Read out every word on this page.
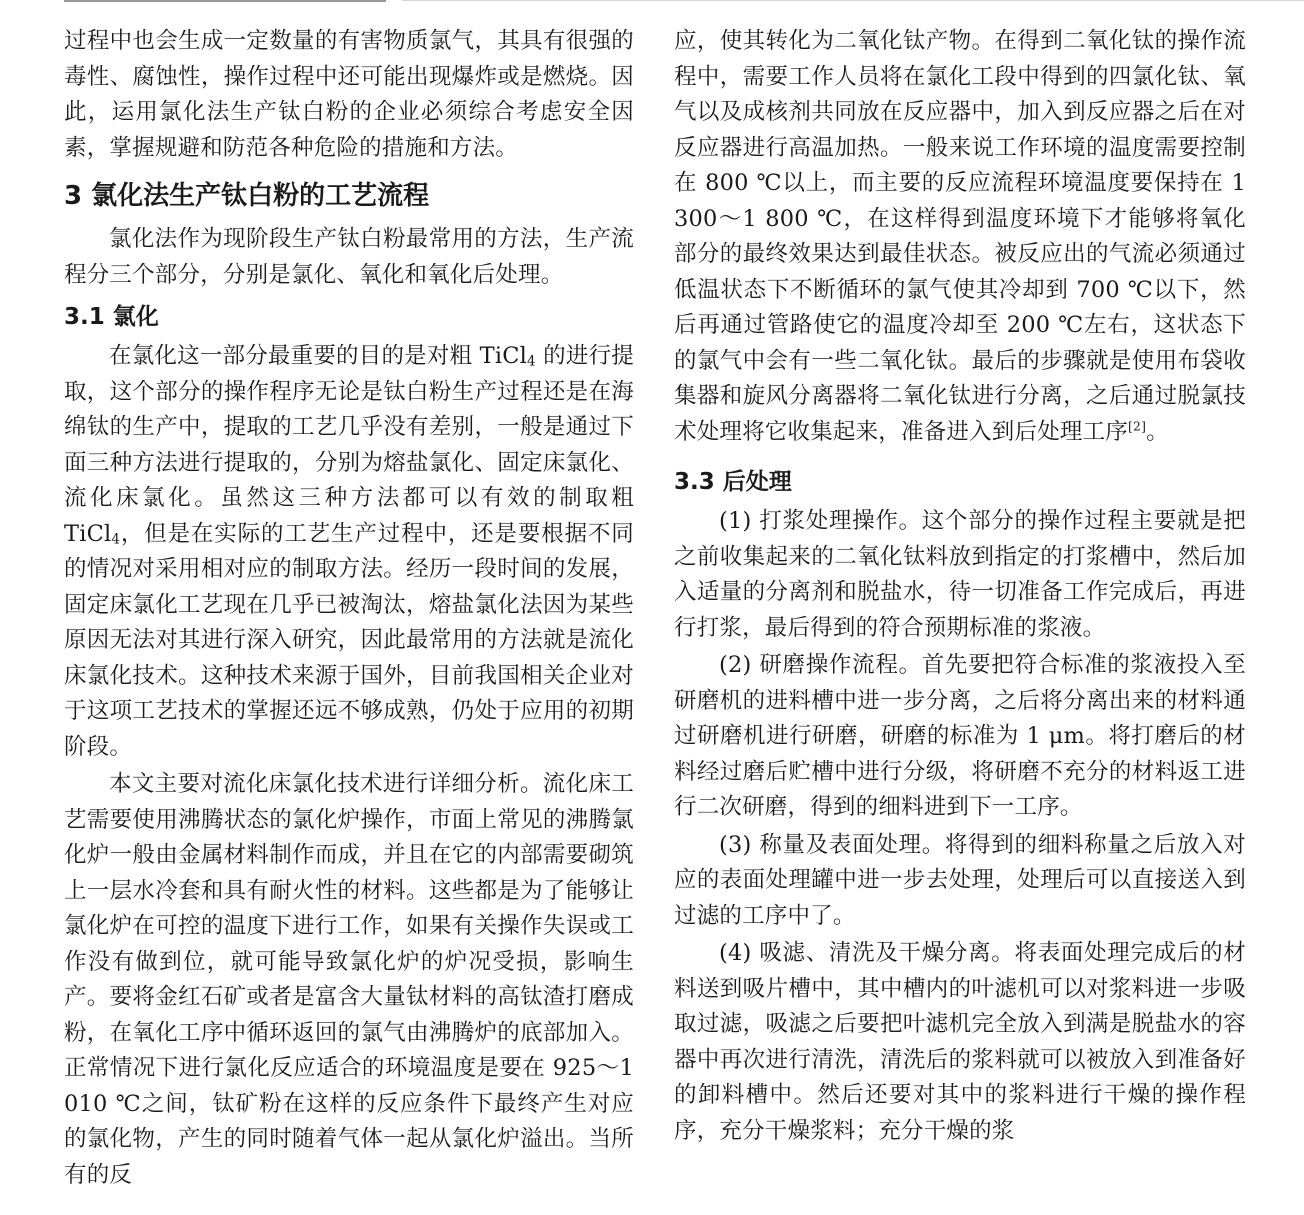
过程中也会生成一定数量的有害物质氯气，其具有很强的毒性、腐蚀性，操作过程中还可能出现爆炸或是燃烧。因此，运用氯化法生产钛白粉的企业必须综合考虑安全因素，掌握规避和防范各种危险的措施和方法。

3 氯化法生产钛白粉的工艺流程

氯化法作为现阶段生产钛白粉最常用的方法，生产流程分三个部分，分别是氯化、氧化和氧化后处理。

3.1 氯化

在氯化这一部分最重要的目的是对粗 TiCl$_4$ 的进行提取，这个部分的操作程序无论是钛白粉生产过程还是在海绵钛的生产中，提取的工艺几乎没有差别，一般是通过下面三种方法进行提取的，分别为熔盐氯化、固定床氯化、流化床氯化。虽然这三种方法都可以有效的制取粗 TiCl$_4$，但是在实际的工艺生产过程中，还是要根据不同的情况对采用相对应的制取方法。经历一段时间的发展，固定床氯化工艺现在几乎已被淘汰，熔盐氯化法因为某些原因无法对其进行深入研究，因此最常用的方法就是流化床氯化技术。这种技术来源于国外，目前我国相关企业对于这项工艺技术的掌握还远不够成熟，仍处于应用的初期阶段。

本文主要对流化床氯化技术进行详细分析。流化床工艺需要使用沸腾状态的氯化炉操作，市面上常见的沸腾氯化炉一般由金属材料制作而成，并且在它的内部需要砌筑上一层水冷套和具有耐火性的材料。这些都是为了能够让氯化炉在可控的温度下进行工作，如果有关操作失误或工作没有做到位，就可能导致氯化炉的炉况受损，影响生产。要将金红石矿或者是富含大量钛材料的高钛渣打磨成粉，在氧化工序中循环返回的氯气由沸腾炉的底部加入。正常情况下进行氯化反应适合的环境温度是要在 925～1 010 ℃之间，钛矿粉在这样的反应条件下最终产生对应的氯化物，产生的同时随着气体一起从氯化炉溢出。当所有的反

应，使其转化为二氧化钛产物。在得到二氧化钛的操作流程中，需要工作人员将在氯化工段中得到的四氯化钛、氧气以及成核剂共同放在反应器中，加入到反应器之后在对反应器进行高温加热。一般来说工作环境的温度需要控制在 800 ℃以上，而主要的反应流程环境温度要保持在 1 300～1 800 ℃，在这样得到温度环境下才能够将氧化部分的最终效果达到最佳状态。被反应出的气流必须通过低温状态下不断循环的氯气使其冷却到 700 ℃以下，然后再通过管路使它的温度冷却至 200 ℃左右，这状态下的氯气中会有一些二氧化钛。最后的步骤就是使用布袋收集器和旋风分离器将二氧化钛进行分离，之后通过脱氯技术处理将它收集起来，准备进入到后处理工序[2]。

3.3 后处理

(1) 打浆处理操作。这个部分的操作过程主要就是把之前收集起来的二氧化钛料放到指定的打浆槽中，然后加入适量的分离剂和脱盐水，待一切准备工作完成后，再进行打浆，最后得到的符合预期标准的浆液。

(2) 研磨操作流程。首先要把符合标准的浆液投入至研磨机的进料槽中进一步分离，之后将分离出来的材料通过研磨机进行研磨，研磨的标准为 1 μm。将打磨后的材料经过磨后贮槽中进行分级，将研磨不充分的材料返工进行二次研磨，得到的细料进到下一工序。

(3) 称量及表面处理。将得到的细料称量之后放入对应的表面处理罐中进一步去处理，处理后可以直接送入到过滤的工序中了。

(4) 吸滤、清洗及干燥分离。将表面处理完成后的材料送到吸片槽中，其中槽内的叶滤机可以对浆料进一步吸取过滤，吸滤之后要把叶滤机完全放入到满是脱盐水的容器中再次进行清洗，清洗后的浆料就可以被放入到准备好的卸料槽中。然后还要对其中的浆料进行干燥的操作程序，充分干燥浆料；充分干燥的浆
